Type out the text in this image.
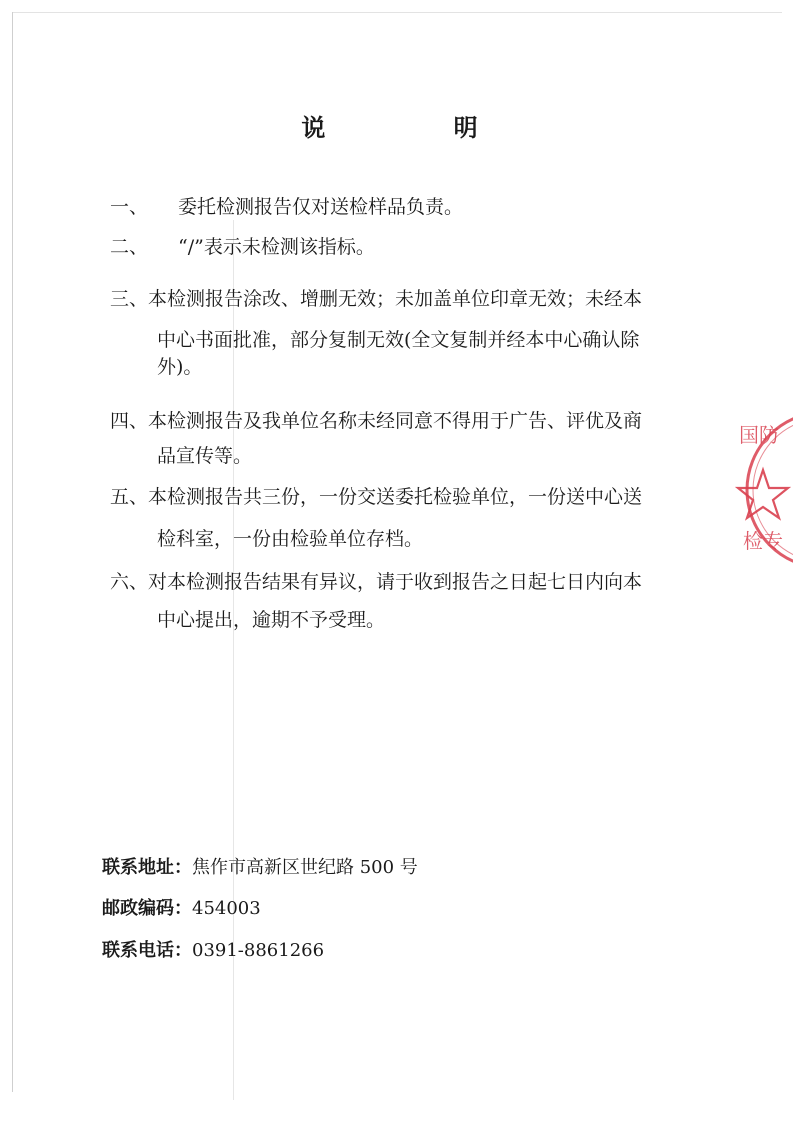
说 明
一、 委托检测报告仅对送检样品负责。
二、 “/”表示未检测该指标。
三、本检测报告涂改、增删无效；未加盖单位印章无效；未经本
中心书面批准，部分复制无效(全文复制并经本中心确认除
外)。
四、本检测报告及我单位名称未经同意不得用于广告、评优及商
品宣传等。
五、本检测报告共三份，一份交送委托检验单位，一份送中心送
检科室，一份由检验单位存档。
六、对本检测报告结果有异议，请于收到报告之日起七日内向本
中心提出，逾期不予受理。
联系地址：焦作市高新区世纪路 500 号
邮政编码：454003
联系电话：0391-8861266
国防
检专
